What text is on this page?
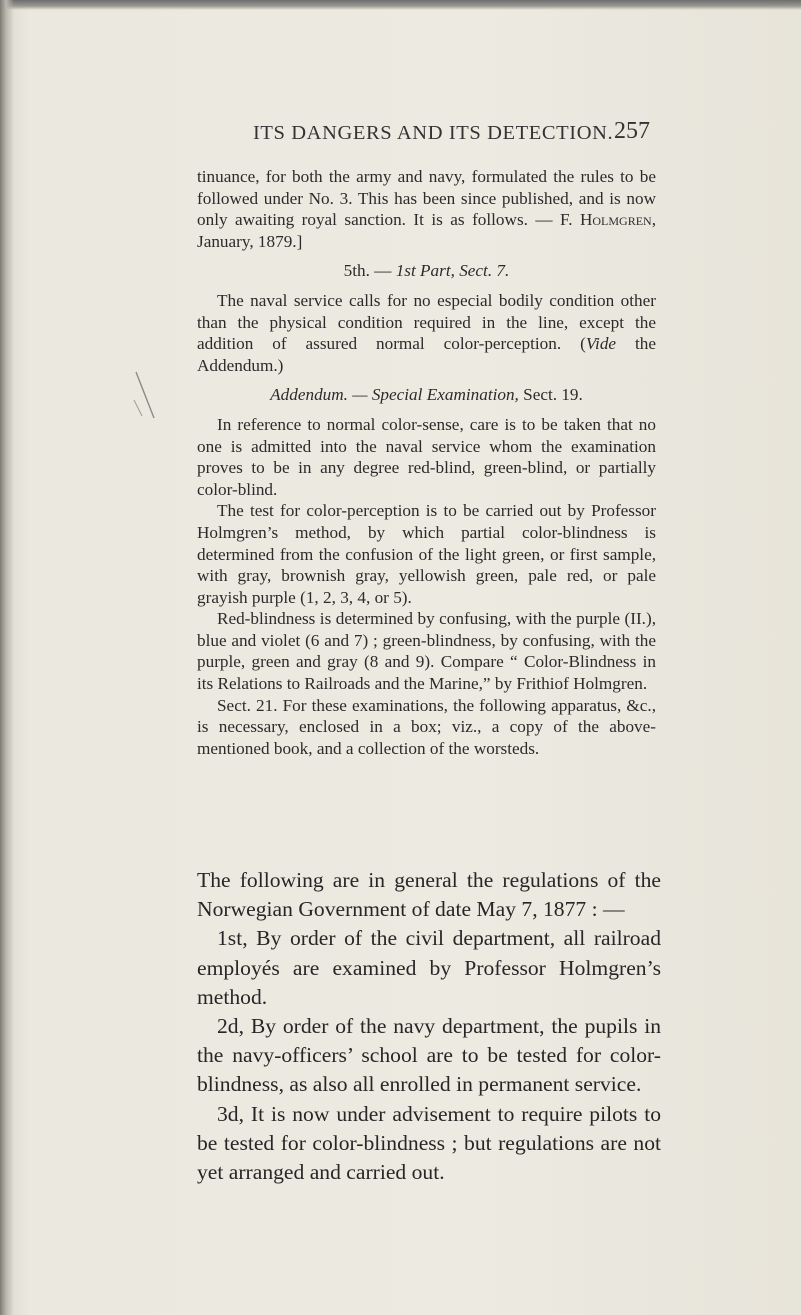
ITS DANGERS AND ITS DETECTION. 257

tinuance, for both the army and navy, formulated the rules to be followed under No. 3. This has been since published, and is now only awaiting royal sanction. It is as follows. — F. Holmgren, January, 1879.]

5th. — 1st Part, Sect. 7.

The naval service calls for no especial bodily condition other than the physical condition required in the line, except the addition of assured normal color-perception. (Vide the Addendum.)

Addendum. — Special Examination, Sect. 19.

In reference to normal color-sense, care is to be taken that no one is admitted into the naval service whom the examination proves to be in any degree red-blind, green-blind, or partially color-blind.

The test for color-perception is to be carried out by Professor Holmgren’s method, by which partial color-blindness is determined from the confusion of the light green, or first sample, with gray, brownish gray, yellowish green, pale red, or pale grayish purple (1, 2, 3, 4, or 5).

Red-blindness is determined by confusing, with the purple (II.), blue and violet (6 and 7) ; green-blindness, by confusing, with the purple, green and gray (8 and 9). Compare “ Color-Blindness in its Relations to Railroads and the Marine,” by Frithiof Holmgren.

Sect. 21. For these examinations, the following apparatus, &c., is necessary, enclosed in a box; viz., a copy of the above-mentioned book, and a collection of the worsteds.

The following are in general the regulations of the Norwegian Government of date May 7, 1877 : —

1st, By order of the civil department, all railroad employés are examined by Professor Holmgren’s method.

2d, By order of the navy department, the pupils in the navy-officers’ school are to be tested for color-blindness, as also all enrolled in permanent service.

3d, It is now under advisement to require pilots to be tested for color-blindness ; but regulations are not yet arranged and carried out.
